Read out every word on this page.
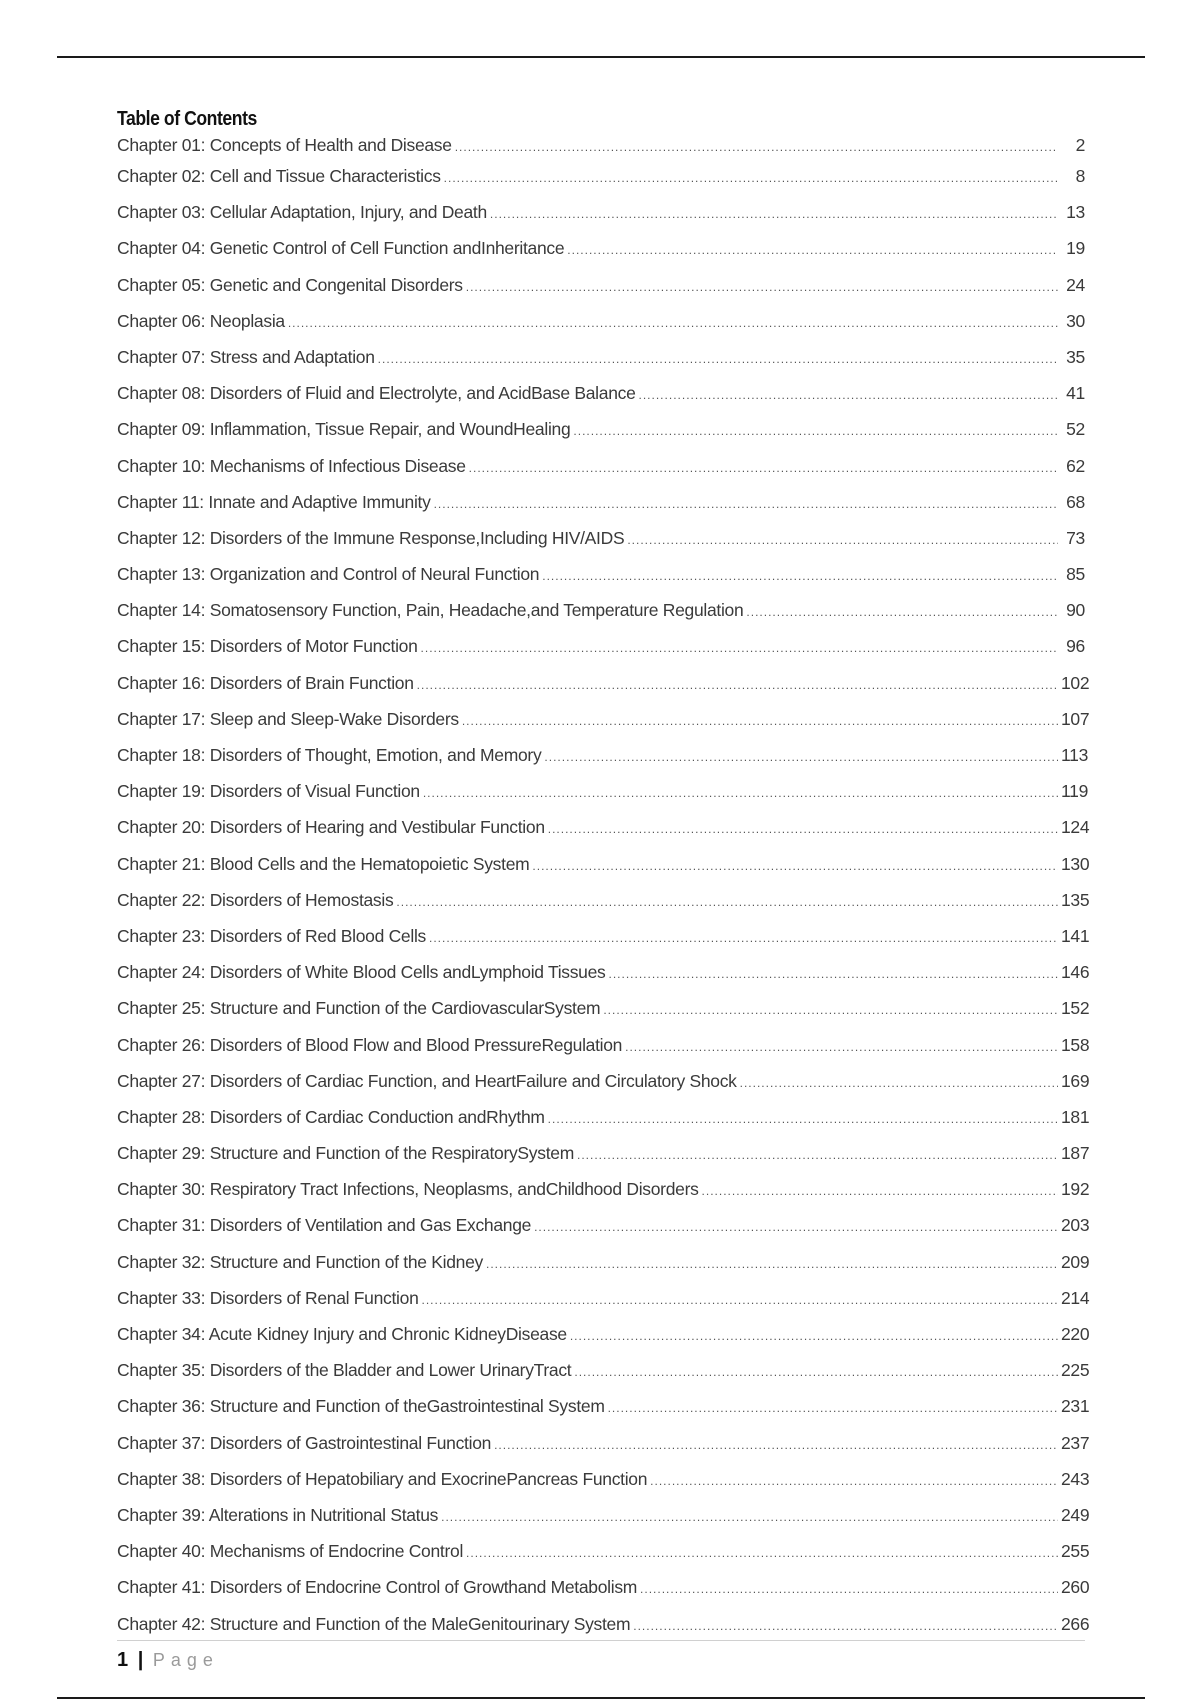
Table of Contents
Chapter 01: Concepts of Health and Disease .....	2
Chapter 02: Cell and Tissue Characteristics .....	8
Chapter 03: Cellular Adaptation, Injury, and Death .....	13
Chapter 04: Genetic Control of Cell Function andInheritance .....	19
Chapter 05: Genetic and Congenital Disorders .....	24
Chapter 06: Neoplasia .....	30
Chapter 07: Stress and Adaptation .....	35
Chapter 08: Disorders of Fluid and Electrolyte, and AcidBase Balance .....	41
Chapter 09: Inflammation, Tissue Repair, and WoundHealing .....	52
Chapter 10: Mechanisms of Infectious Disease .....	62
Chapter 11: Innate and Adaptive Immunity .....	68
Chapter 12: Disorders of the Immune Response,Including HIV/AIDS .....	73
Chapter 13: Organization and Control of Neural Function .....	85
Chapter 14: Somatosensory Function, Pain, Headache,and Temperature Regulation .....	90
Chapter 15: Disorders of Motor Function .....	96
Chapter 16: Disorders of Brain Function .....	102
Chapter 17: Sleep and Sleep-Wake Disorders .....	107
Chapter 18: Disorders of Thought, Emotion, and Memory .....	113
Chapter 19: Disorders of Visual Function .....	119
Chapter 20: Disorders of Hearing and Vestibular Function .....	124
Chapter 21: Blood Cells and the Hematopoietic System .....	130
Chapter 22: Disorders of Hemostasis .....	135
Chapter 23: Disorders of Red Blood Cells .....	141
Chapter 24: Disorders of White Blood Cells andLymphoid Tissues .....	146
Chapter 25: Structure and Function of the CardiovascularSystem .....	152
Chapter 26: Disorders of Blood Flow and Blood PressureRegulation .....	158
Chapter 27: Disorders of Cardiac Function, and HeartFailure and Circulatory Shock .....	169
Chapter 28: Disorders of Cardiac Conduction andRhythm .....	181
Chapter 29: Structure and Function of the RespiratorySystem .....	187
Chapter 30: Respiratory Tract Infections, Neoplasms, andChildhood Disorders .....	192
Chapter 31: Disorders of Ventilation and Gas Exchange .....	203
Chapter 32: Structure and Function of the Kidney .....	209
Chapter 33: Disorders of Renal Function .....	214
Chapter 34: Acute Kidney Injury and Chronic KidneyDisease .....	220
Chapter 35: Disorders of the Bladder and Lower UrinaryTract .....	225
Chapter 36: Structure and Function of theGastrointestinal System .....	231
Chapter 37: Disorders of Gastrointestinal Function .....	237
Chapter 38: Disorders of Hepatobiliary and ExocrinePancreas Function .....	243
Chapter 39: Alterations in Nutritional Status .....	249
Chapter 40: Mechanisms of Endocrine Control .....	255
Chapter 41: Disorders of Endocrine Control of Growthand Metabolism .....	260
Chapter 42: Structure and Function of the MaleGenitourinary System .....	266
1 | Page
